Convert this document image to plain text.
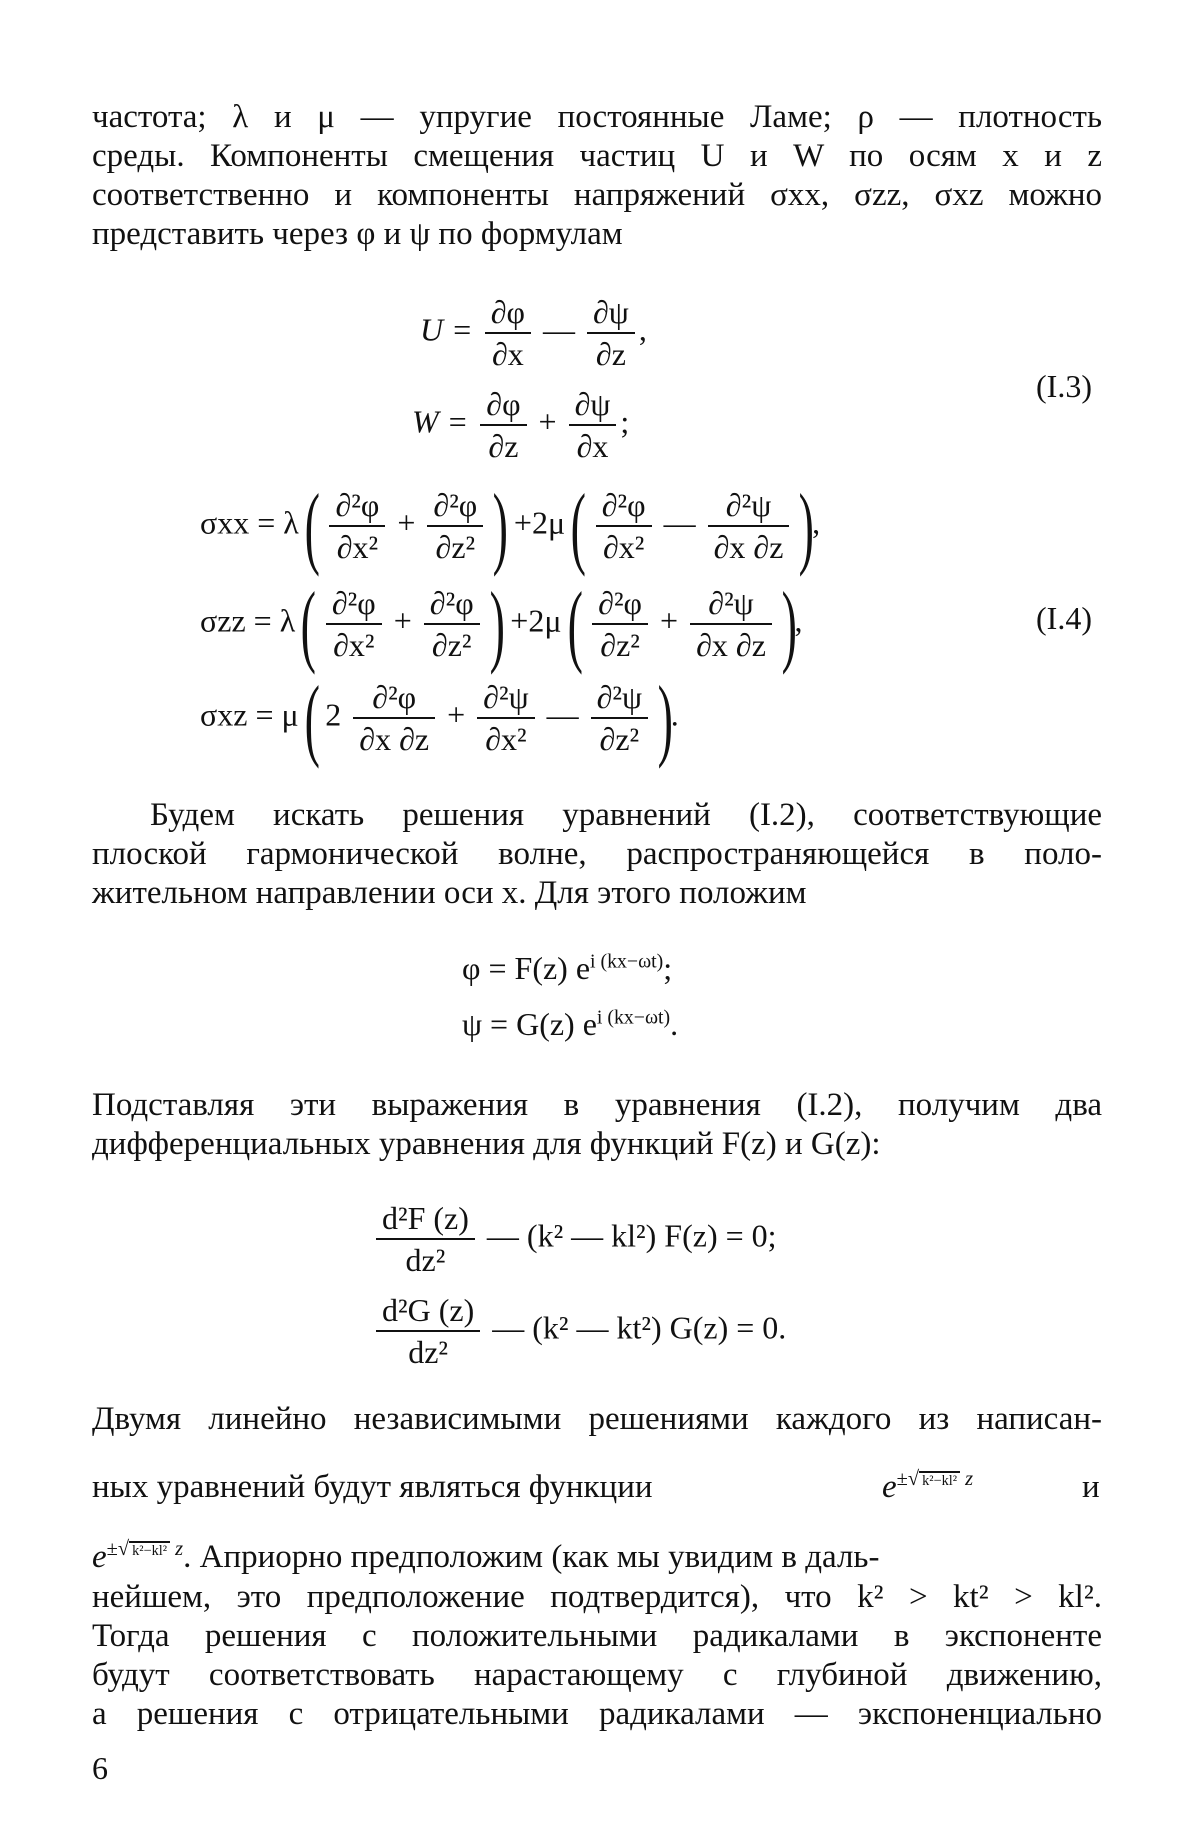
частота; λ и μ — упругие постоянные Ламе; ρ — плотность
среды. Компоненты смещения частиц U и W по осям x и z
соответственно и компоненты напряжений σxx, σzz, σxz можно
представить через φ и ψ по формулам
$U = \frac{\partial\varphi}{\partial x}$ — $\frac{\partial\psi}{\partial z}$ ,
$W = \frac{\partial\varphi}{\partial z} + \frac{\partial\psi}{\partial x}$ ;
(I.3)
σxx = λ ( $\frac{\text{∂²φ}}{\text{∂x²}} + \frac{\text{∂²φ}}{\text{∂z²}}$ ) +2μ ( $\frac{\text{∂²φ}}{\text{∂x²}}$ — $\frac{\text{∂²ψ}}{\partial x \partial z}$ ),
σzz = λ ( $\frac{\text{∂²φ}}{\text{∂x²}} + \frac{\text{∂²φ}}{\text{∂z²}}$ ) +2μ ( $\frac{\text{∂²φ}}{\text{∂z²}} + \frac{\text{∂²ψ}}{\partial x \partial z}$ ),	(I.4)
σxz = μ ( $2 \frac{\text{∂²φ}}{\partial x \partial z} + \frac{\text{∂²ψ}}{\text{∂x²}}$ — $\frac{\text{∂²ψ}}{\text{∂z²}}$ ).
Будем искать решения уравнений (I.2), соответствующие
плоской гармонической волне, распространяющейся в поло-
жительном направлении оси x. Для этого положим
φ = F(z) $e^{i (kx-\omega t)}$;
ψ = G(z) $e^{i (kx-\omega t)}$.
Подставляя эти выражения в уравнения (I.2), получим два
дифференциальных уравнения для функций F(z) и G(z):
$\frac{\text{d²F (z)}}{\text{dz²}}$ — (k² — kl²) F(z) = 0;
$\frac{\text{d²G (z)}}{\text{dz²}}$ — (k² — kt²) G(z) = 0.
Двумя линейно независимыми решениями каждого из написан-
ных уравнений будут являться функции	$e^{\pm√ k^2-kl^2 z}$	и
$e^{\pm√ k^2-kl^2 z}$. Априорно предположим (как мы увидим в даль-
нейшем, это предположение подтвердится), что k² > kt² > kl².
Тогда решения с положительными радикалами в экспоненте
будут соответствовать нарастающему с глубиной движению,
а решения с отрицательными радикалами — экспоненциально
6
